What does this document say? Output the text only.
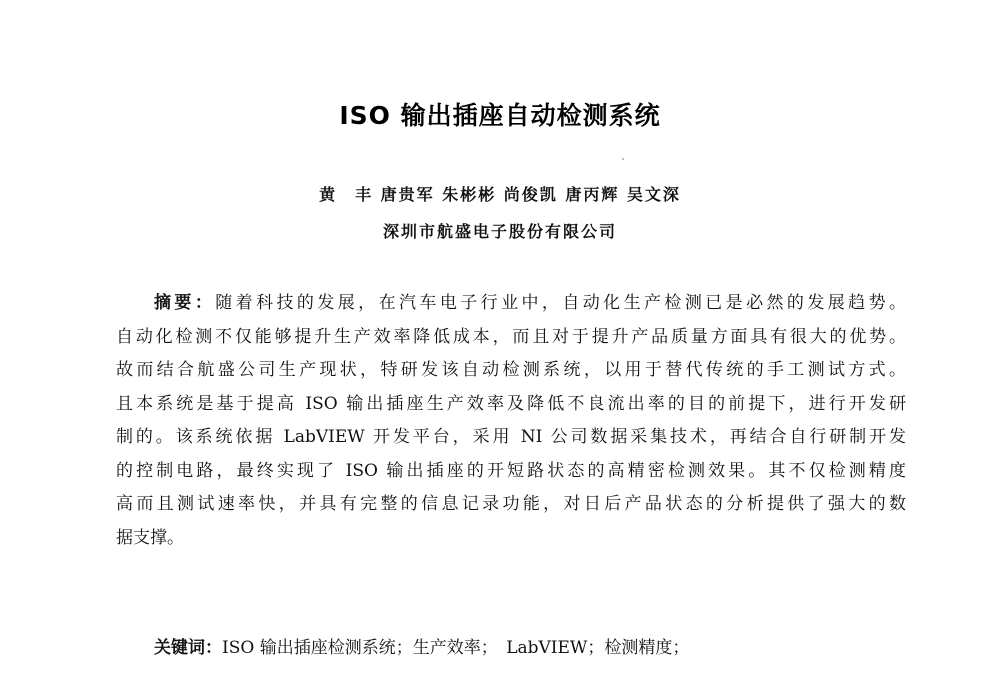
ISO 输出插座自动检测系统
黄　丰 唐贵军 朱彬彬 尚俊凯 唐丙辉 吴文深
深圳市航盛电子股份有限公司
摘要：随着科技的发展，在汽车电子行业中，自动化生产检测已是必然的发展趋势。
自动化检测不仅能够提升生产效率降低成本，而且对于提升产品质量方面具有很大的优势。
故而结合航盛公司生产现状，特研发该自动检测系统，以用于替代传统的手工测试方式。
且本系统是基于提高 ISO 输出插座生产效率及降低不良流出率的目的前提下，进行开发研
制的。该系统依据 LabVIEW 开发平台，采用 NI 公司数据采集技术，再结合自行研制开发
的控制电路，最终实现了 ISO 输出插座的开短路状态的高精密检测效果。其不仅检测精度
高而且测试速率快，并具有完整的信息记录功能，对日后产品状态的分析提供了强大的数
据支撑。
关键词：ISO 输出插座检测系统；生产效率；　LabVIEW；检测精度；
